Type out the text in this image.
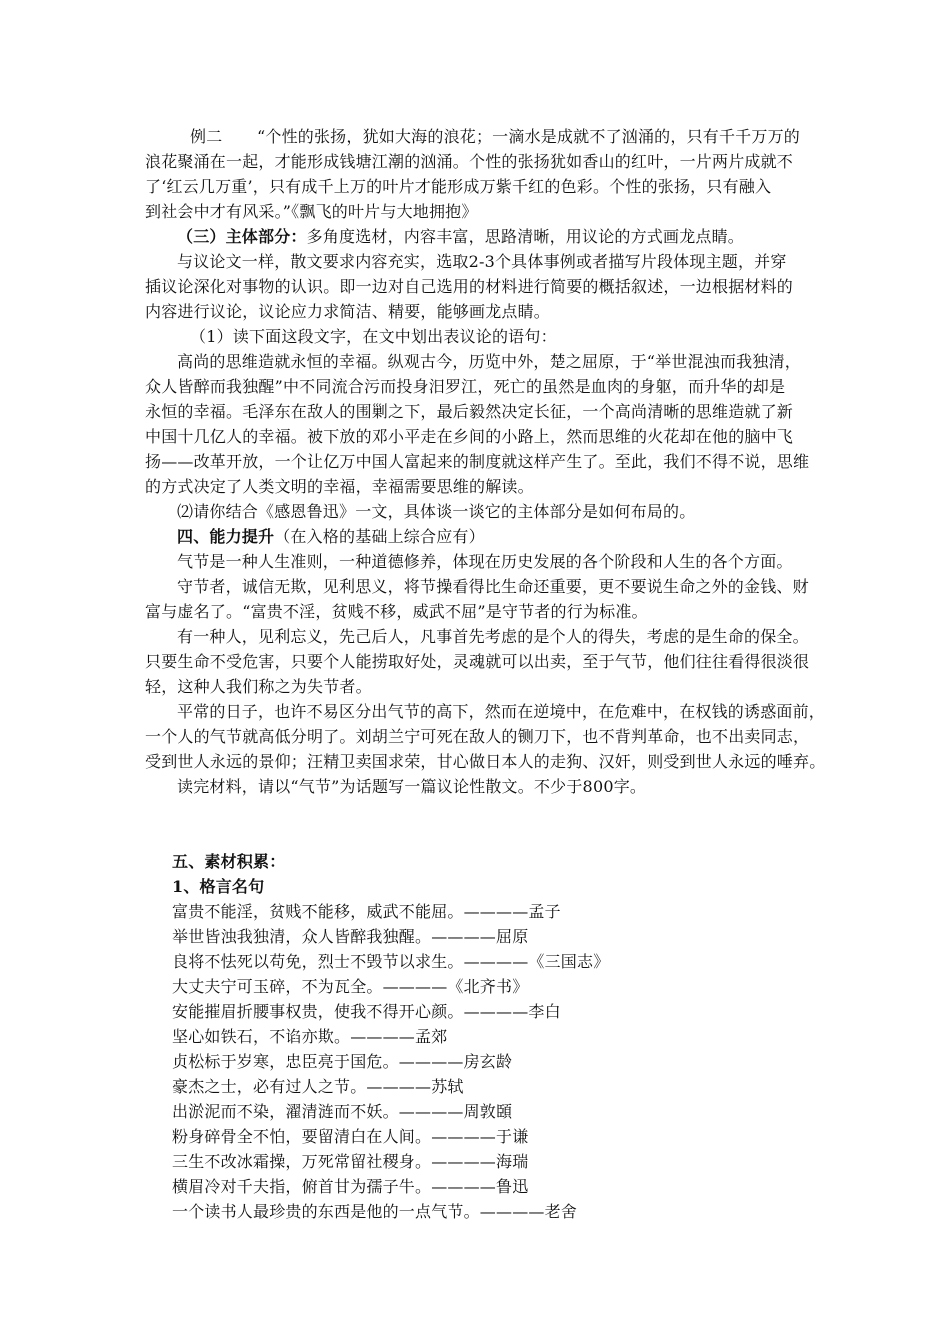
例二 “个性的张扬，犹如大海的浪花；一滴水是成就不了汹涌的，只有千千万万的
浪花聚涌在一起，才能形成钱塘江潮的汹涌。个性的张扬犹如香山的红叶，一片两片成就不
了‘红云几万重’，只有成千上万的叶片才能形成万紫千红的色彩。个性的张扬，只有融入
到社会中才有风采。”《飘飞的叶片与大地拥抱》
（三）主体部分：多角度选材，内容丰富，思路清晰，用议论的方式画龙点睛。
与议论文一样，散文要求内容充实，选取2-3个具体事例或者描写片段体现主题，并穿
插议论深化对事物的认识。即一边对自己选用的材料进行简要的概括叙述，一边根据材料的
内容进行议论，议论应力求简洁、精要，能够画龙点睛。
（1）读下面这段文字，在文中划出表议论的语句：
高尚的思维造就永恒的幸福。纵观古今，历览中外，楚之屈原，于“举世混浊而我独清，
众人皆醉而我独醒”中不同流合污而投身汨罗江，死亡的虽然是血肉的身躯，而升华的却是
永恒的幸福。毛泽东在敌人的围剿之下，最后毅然决定长征，一个高尚清晰的思维造就了新
中国十几亿人的幸福。被下放的邓小平走在乡间的小路上，然而思维的火花却在他的脑中飞
扬——改革开放，一个让亿万中国人富起来的制度就这样产生了。至此，我们不得不说，思维
的方式决定了人类文明的幸福，幸福需要思维的解读。
⑵请你结合《感恩鲁迅》一文，具体谈一谈它的主体部分是如何布局的。
四、能力提升（在入格的基础上综合应有）
气节是一种人生准则，一种道德修养，体现在历史发展的各个阶段和人生的各个方面。
守节者，诚信无欺，见利思义，将节操看得比生命还重要，更不要说生命之外的金钱、财
富与虚名了。“富贵不淫，贫贱不移，威武不屈”是守节者的行为标准。
有一种人，见利忘义，先己后人，凡事首先考虑的是个人的得失，考虑的是生命的保全。
只要生命不受危害，只要个人能捞取好处，灵魂就可以出卖，至于气节，他们往往看得很淡很
轻，这种人我们称之为失节者。
平常的日子，也许不易区分出气节的高下，然而在逆境中，在危难中，在权钱的诱惑面前，
一个人的气节就高低分明了。刘胡兰宁可死在敌人的铡刀下，也不背判革命，也不出卖同志，
受到世人永远的景仰；汪精卫卖国求荣，甘心做日本人的走狗、汉奸，则受到世人永远的唾弃。
读完材料，请以“气节”为话题写一篇议论性散文。不少于800字。
五、素材积累：
1、格言名句
富贵不能淫，贫贱不能移，威武不能屈。————孟子
举世皆浊我独清，众人皆醉我独醒。————屈原
良将不怯死以苟免，烈士不毁节以求生。————《三国志》
大丈夫宁可玉碎，不为瓦全。————《北齐书》
安能摧眉折腰事权贵，使我不得开心颜。————李白
坚心如铁石，不谄亦欺。————孟郊
贞松标于岁寒，忠臣亮于国危。————房玄龄
豪杰之士，必有过人之节。————苏轼
出淤泥而不染，濯清涟而不妖。————周敦頣
粉身碎骨全不怕，要留清白在人间。————于谦
三生不改冰霜操，万死常留社稷身。————海瑞
横眉冷对千夫指，俯首甘为孺子牛。————鲁迅
一个读书人最珍贵的东西是他的一点气节。————老舍
